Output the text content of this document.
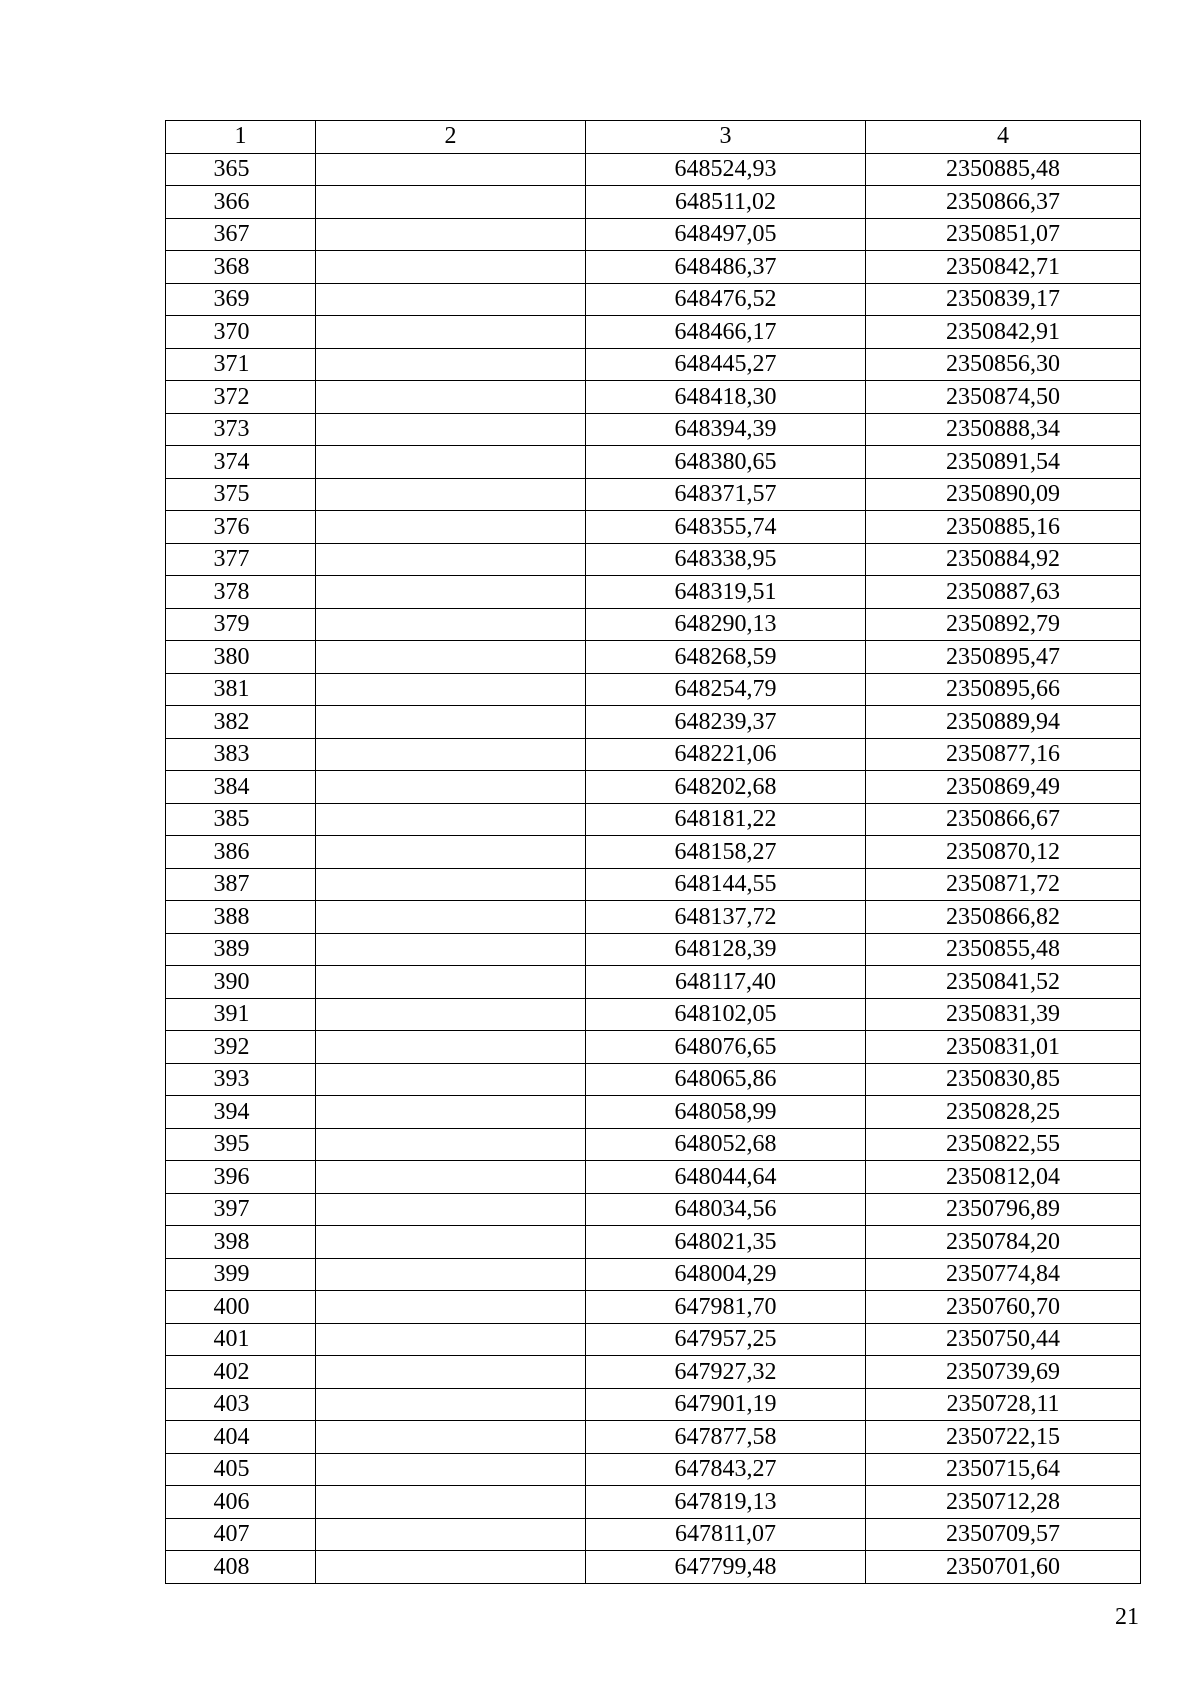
1	2	3	4
365		648524,93	2350885,48
366		648511,02	2350866,37
367		648497,05	2350851,07
368		648486,37	2350842,71
369		648476,52	2350839,17
370		648466,17	2350842,91
371		648445,27	2350856,30
372		648418,30	2350874,50
373		648394,39	2350888,34
374		648380,65	2350891,54
375		648371,57	2350890,09
376		648355,74	2350885,16
377		648338,95	2350884,92
378		648319,51	2350887,63
379		648290,13	2350892,79
380		648268,59	2350895,47
381		648254,79	2350895,66
382		648239,37	2350889,94
383		648221,06	2350877,16
384		648202,68	2350869,49
385		648181,22	2350866,67
386		648158,27	2350870,12
387		648144,55	2350871,72
388		648137,72	2350866,82
389		648128,39	2350855,48
390		648117,40	2350841,52
391		648102,05	2350831,39
392		648076,65	2350831,01
393		648065,86	2350830,85
394		648058,99	2350828,25
395		648052,68	2350822,55
396		648044,64	2350812,04
397		648034,56	2350796,89
398		648021,35	2350784,20
399		648004,29	2350774,84
400		647981,70	2350760,70
401		647957,25	2350750,44
402		647927,32	2350739,69
403		647901,19	2350728,11
404		647877,58	2350722,15
405		647843,27	2350715,64
406		647819,13	2350712,28
407		647811,07	2350709,57
408		647799,48	2350701,60
21
